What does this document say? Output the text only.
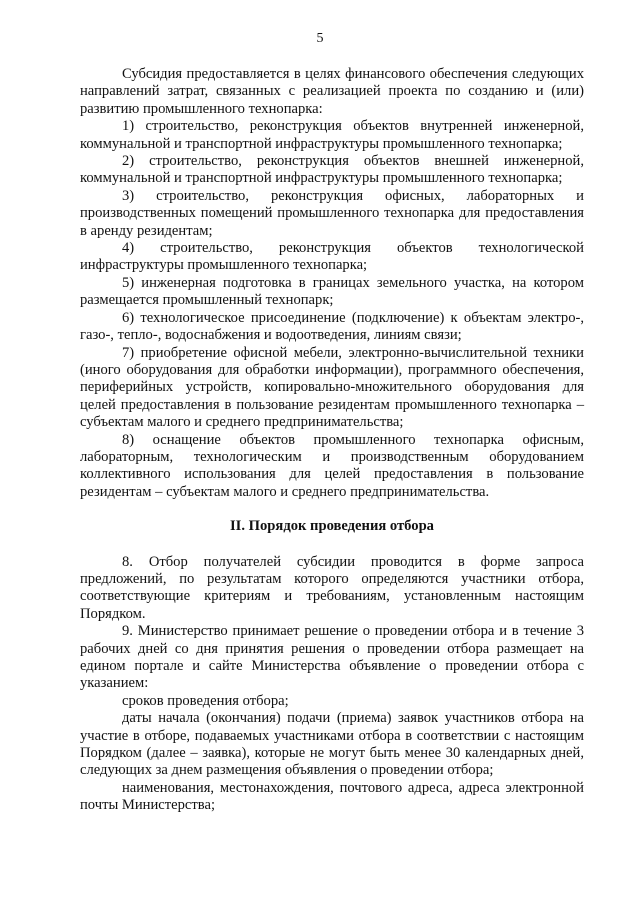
5

Субсидия предоставляется в целях финансового обеспечения следующих направлений затрат, связанных с реализацией проекта по созданию и (или) развитию промышленного технопарка:

1) строительство, реконструкция объектов внутренней инженерной, коммунальной и транспортной инфраструктуры промышленного технопарка;

2) строительство, реконструкция объектов внешней инженерной, коммунальной и транспортной инфраструктуры промышленного технопарка;

3) строительство, реконструкция офисных, лабораторных и производственных помещений промышленного технопарка для предоставления в аренду резидентам;

4) строительство, реконструкция объектов технологической инфраструктуры промышленного технопарка;

5) инженерная подготовка в границах земельного участка, на котором размещается промышленный технопарк;

6) технологическое присоединение (подключение) к объектам электро-, газо-, тепло-, водоснабжения и водоотведения, линиям связи;

7) приобретение офисной мебели, электронно-вычислительной техники (иного оборудования для обработки информации), программного обеспечения, периферийных устройств, копировально-множительного оборудования для целей предоставления в пользование резидентам промышленного технопарка – субъектам малого и среднего предпринимательства;

8) оснащение объектов промышленного технопарка офисным, лабораторным, технологическим и производственным оборудованием коллективного использования для целей предоставления в пользование резидентам – субъектам малого и среднего предпринимательства.

II. Порядок проведения отбора

8. Отбор получателей субсидии проводится в форме запроса предложений, по результатам которого определяются участники отбора, соответствующие критериям и требованиям, установленным настоящим Порядком.

9. Министерство принимает решение о проведении отбора и в течение 3 рабочих дней со дня принятия решения о проведении отбора размещает на едином портале и сайте Министерства объявление о проведении отбора с указанием:

сроков проведения отбора;

даты начала (окончания) подачи (приема) заявок участников отбора на участие в отборе, подаваемых участниками отбора в соответствии с настоящим Порядком (далее – заявка), которые не могут быть менее 30 календарных дней, следующих за днем размещения объявления о проведении отбора;

наименования, местонахождения, почтового адреса, адреса электронной почты Министерства;
